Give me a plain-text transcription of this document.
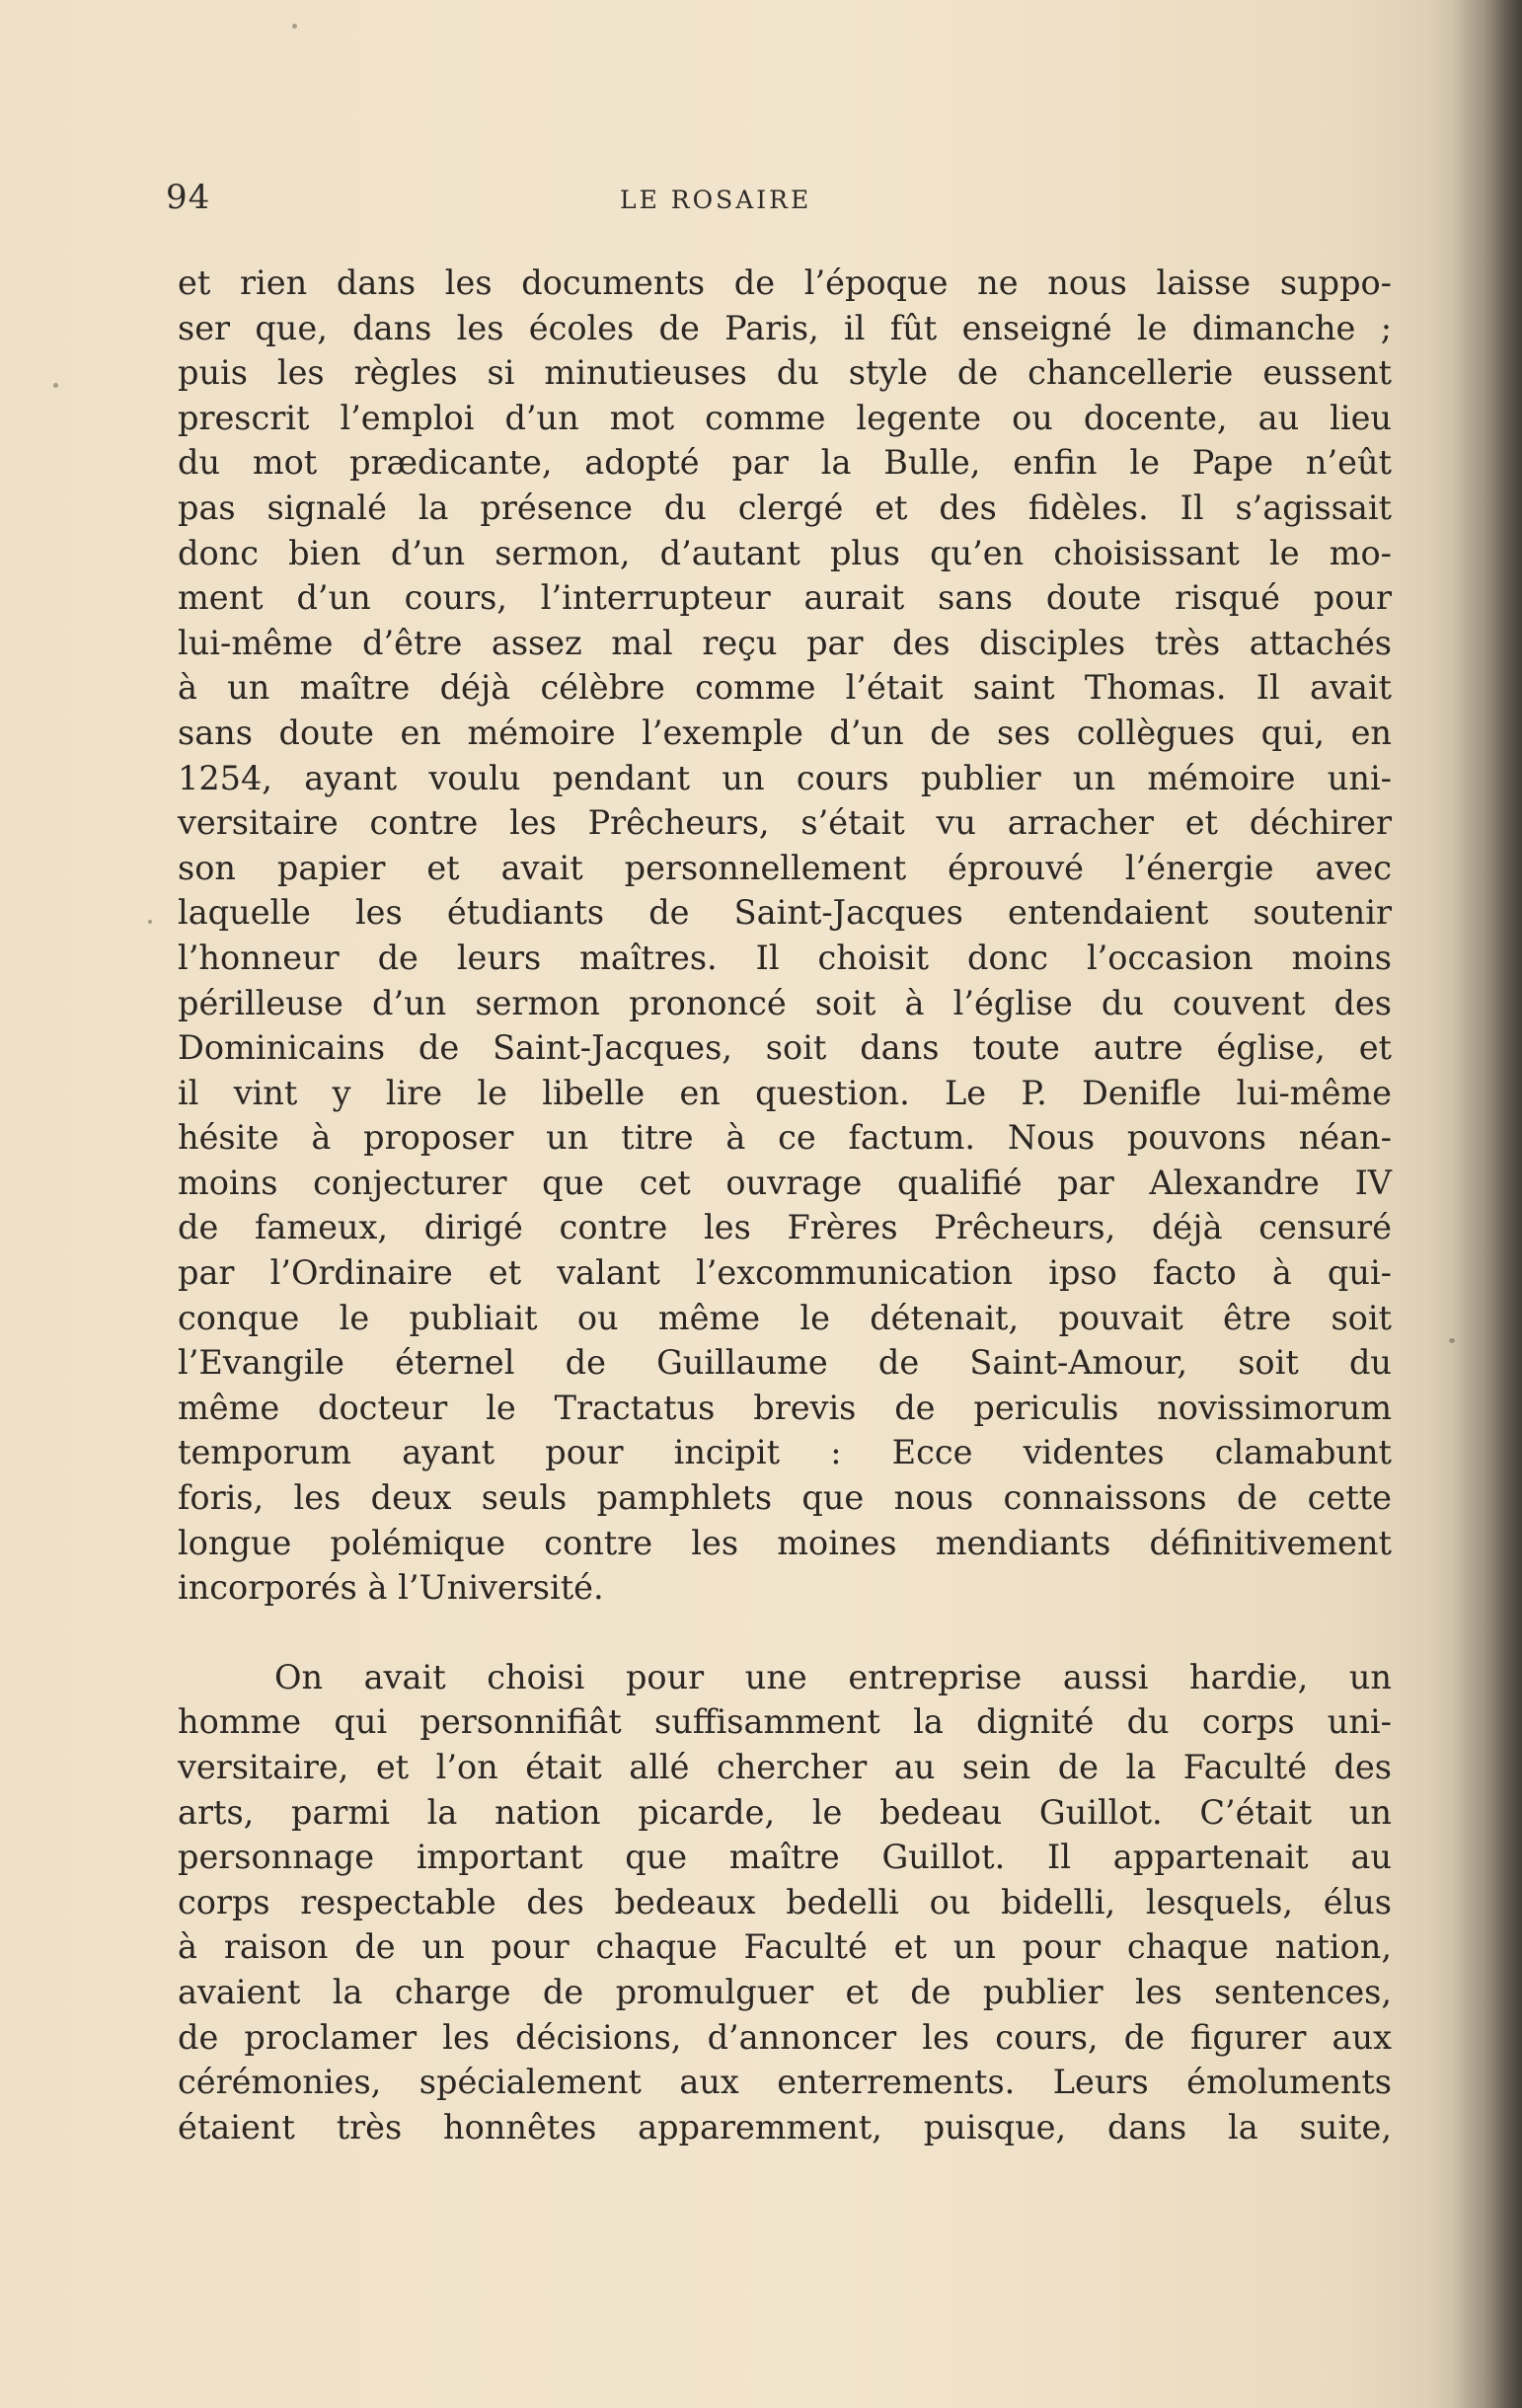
94	LE ROSAIRE
et rien dans les documents de l’époque ne nous laisse suppo-
ser que, dans les écoles de Paris, il fût enseigné le dimanche ;
puis les règles si minutieuses du style de chancellerie eussent
prescrit l’emploi d’un mot comme legente ou docente, au lieu
du mot prædicante, adopté par la Bulle, enfin le Pape n’eût
pas signalé la présence du clergé et des fidèles. Il s’agissait
donc bien d’un sermon, d’autant plus qu’en choisissant le mo-
ment d’un cours, l’interrupteur aurait sans doute risqué pour
lui-même d’être assez mal reçu par des disciples très attachés
à un maître déjà célèbre comme l’était saint Thomas. Il avait
sans doute en mémoire l’exemple d’un de ses collègues qui, en
1254, ayant voulu pendant un cours publier un mémoire uni-
versitaire contre les Prêcheurs, s’était vu arracher et déchirer
son papier et avait personnellement éprouvé l’énergie avec
laquelle les étudiants de Saint-Jacques entendaient soutenir
l’honneur de leurs maîtres. Il choisit donc l’occasion moins
périlleuse d’un sermon prononcé soit à l’église du couvent des
Dominicains de Saint-Jacques, soit dans toute autre église, et
il vint y lire le libelle en question. Le P. Denifle lui-même
hésite à proposer un titre à ce factum. Nous pouvons néan-
moins conjecturer que cet ouvrage qualifié par Alexandre IV
de fameux, dirigé contre les Frères Prêcheurs, déjà censuré
par l’Ordinaire et valant l’excommunication ipso facto à qui-
conque le publiait ou même le détenait, pouvait être soit
l’Evangile éternel de Guillaume de Saint-Amour, soit du
même docteur le Tractatus brevis de periculis novissimorum
temporum ayant pour incipit : Ecce videntes clamabunt
foris, les deux seuls pamphlets que nous connaissons de cette
longue polémique contre les moines mendiants définitivement
incorporés à l’Université.
On avait choisi pour une entreprise aussi hardie, un
homme qui personnifiât suffisamment la dignité du corps uni-
versitaire, et l’on était allé chercher au sein de la Faculté des
arts, parmi la nation picarde, le bedeau Guillot. C’était un
personnage important que maître Guillot. Il appartenait au
corps respectable des bedeaux bedelli ou bidelli, lesquels, élus
à raison de un pour chaque Faculté et un pour chaque nation,
avaient la charge de promulguer et de publier les sentences,
de proclamer les décisions, d’annoncer les cours, de figurer aux
cérémonies, spécialement aux enterrements. Leurs émoluments
étaient très honnêtes apparemment, puisque, dans la suite,
